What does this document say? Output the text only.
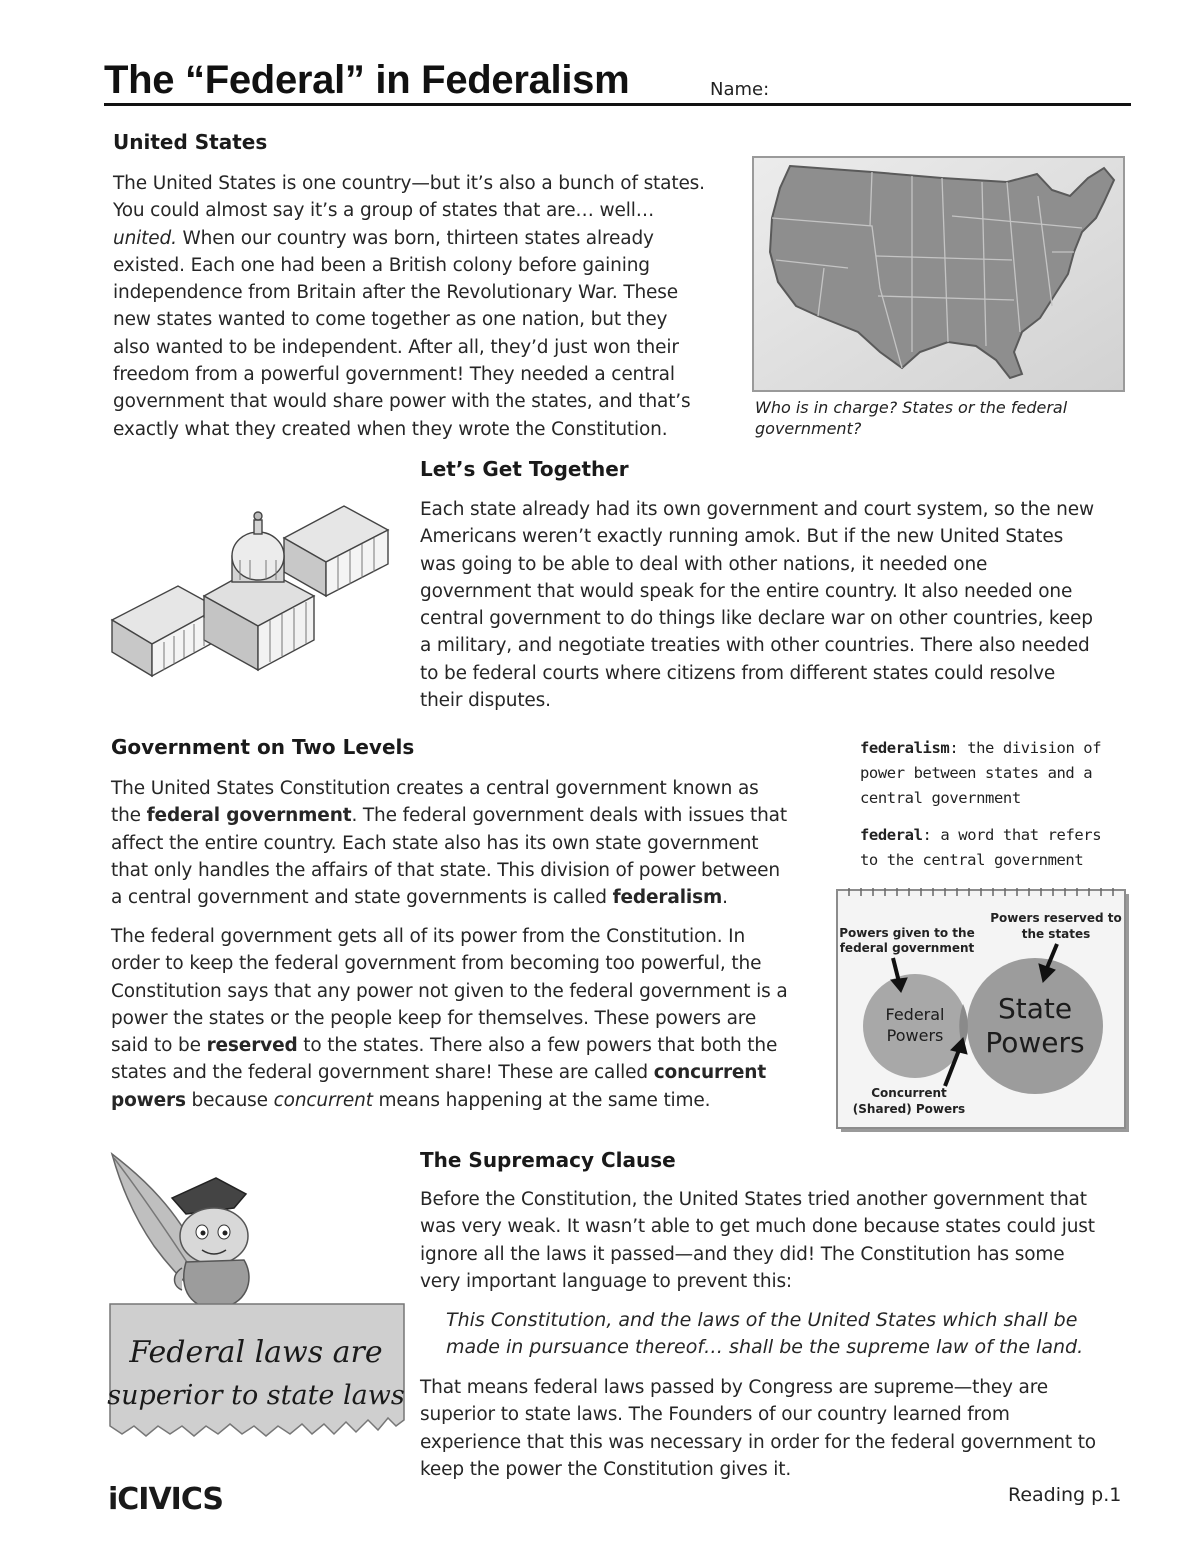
The “Federal” in Federalism	Name:
United States

The United States is one country—but it’s also a bunch of states.
You could almost say it’s a group of states that are… well…
united. When our country was born, thirteen states already
existed. Each one had been a British colony before gaining
independence from Britain after the Revolutionary War. These
new states wanted to come together as one nation, but they
also wanted to be independent. After all, they’d just won their
freedom from a powerful government! They needed a central
government that would share power with the states, and that’s
exactly what they created when they wrote the Constitution.

Who is in charge? States or the federal government?
Let’s Get Together

Each state already had its own government and court system, so the new
Americans weren’t exactly running amok. But if the new United States
was going to be able to deal with other nations, it needed one
government that would speak for the entire country. It also needed one
central government to do things like declare war on other countries, keep
a military, and negotiate treaties with other countries. There also needed
to be federal courts where citizens from different states could resolve
their disputes.

Government on Two Levels

The United States Constitution creates a central government known as
the federal government. The federal government deals with issues that
affect the entire country. Each state also has its own state government
that only handles the affairs of that state. This division of power between
a central government and state governments is called federalism.

The federal government gets all of its power from the Constitution. In
order to keep the federal government from becoming too powerful, the
Constitution says that any power not given to the federal government is a
power the states or the people keep for themselves. These powers are
said to be reserved to the states. There also a few powers that both the
states and the federal government share! These are called concurrent
powers because concurrent means happening at the same time.

federalism: the division of
power between states and a
central government
federal: a word that refers
to the central government
Powers given to the
federal government
Powers reserved to
the states
Concurrent
(Shared) Powers
Federal
Powers
State
Powers
Federal laws are
superior to state laws
The Supremacy Clause

Before the Constitution, the United States tried another government that
was very weak. It wasn’t able to get much done because states could just
ignore all the laws it passed—and they did! The Constitution has some
very important language to prevent this:

This Constitution, and the laws of the United States which shall be
made in pursuance thereof… shall be the supreme law of the land.

That means federal laws passed by Congress are supreme—they are
superior to state laws. The Founders of our country learned from
experience that this was necessary in order for the federal government to
keep the power the Constitution gives it.

iCIVICS	Reading p.1
